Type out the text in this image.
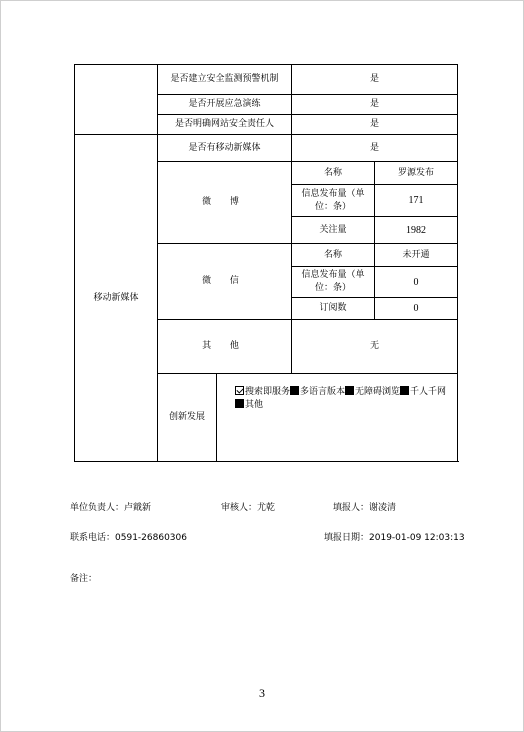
	是否建立安全监测预警机制		是	
	是否开展应急演练		是	
	是否明确网站安全责任人		是	
移动新媒体	是否有移动新媒体		是	
	微 博		名称	罗源发布
			信息发布量（单位：条）	171
			关注量	1982
	微 信		名称	未开通
			信息发布量（单位：条）	0
			订阅数	0
	其 他		无	
	创新发展	搜索即服务 多语言版本 无障碍浏览 千人千网其他		
单位负责人：卢戭新	审核人：尤乾	填报人：谢凌清
联系电话：0591-26860306	填报日期：2019-01-09 12:03:13
备注：
3
